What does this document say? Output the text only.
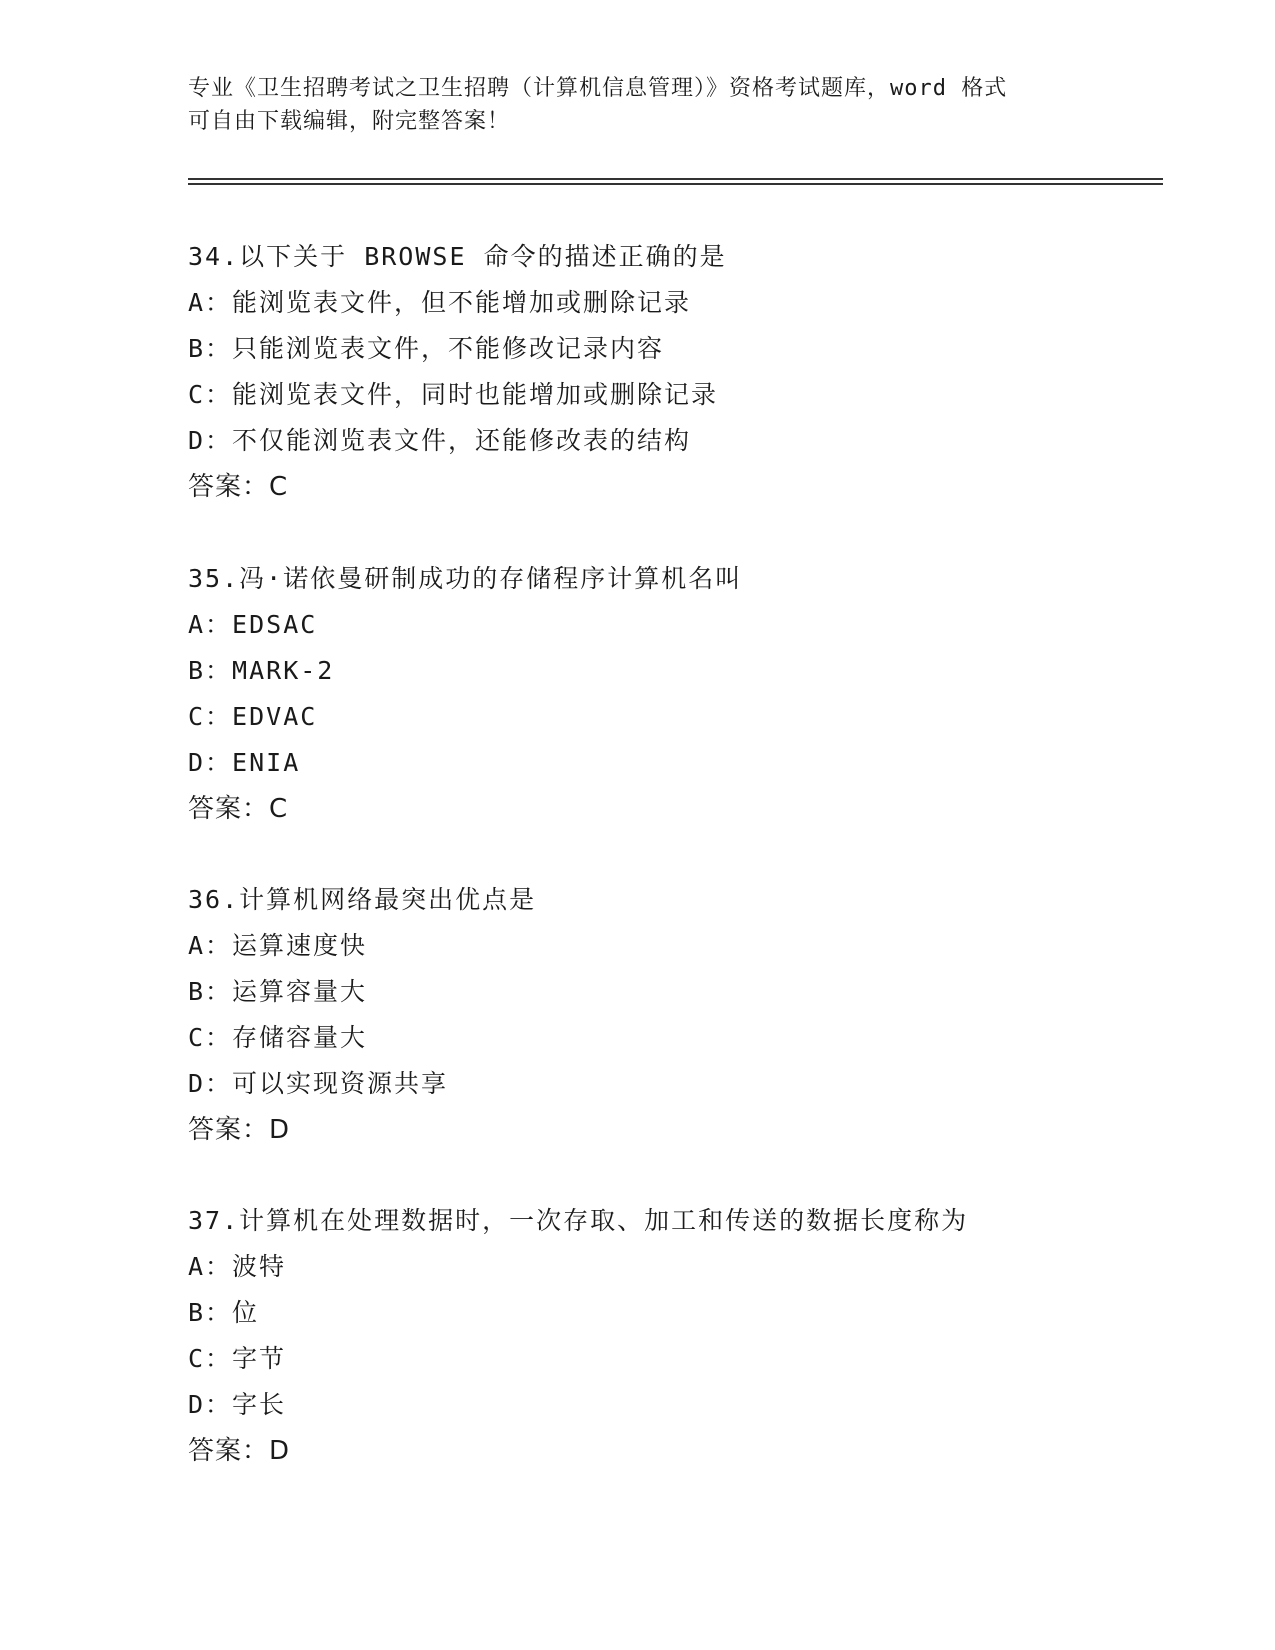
专业《卫生招聘考试之卫生招聘（计算机信息管理）》资格考试题库，word 格式
可自由下载编辑，附完整答案！
34.以下关于 BROWSE 命令的描述正确的是
A：能浏览表文件，但不能增加或删除记录
B：只能浏览表文件，不能修改记录内容
C：能浏览表文件，同时也能增加或删除记录
D：不仅能浏览表文件，还能修改表的结构
答案：C
35.冯·诺依曼研制成功的存储程序计算机名叫
A：EDSAC
B：MARK-2
C：EDVAC
D：ENIA
答案：C
36.计算机网络最突出优点是
A：运算速度快
B：运算容量大
C：存储容量大
D：可以实现资源共享
答案：D
37.计算机在处理数据时，一次存取、加工和传送的数据长度称为
A：波特
B：位
C：字节
D：字长
答案：D
